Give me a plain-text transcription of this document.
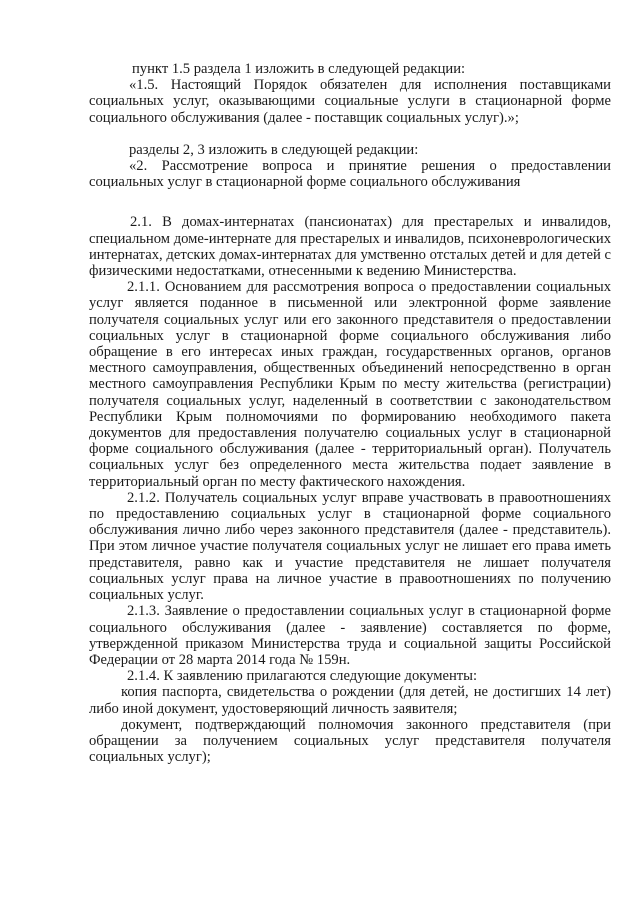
пункт 1.5 раздела 1 изложить в следующей редакции:

«1.5. Настоящий Порядок обязателен для исполнения поставщиками социальных услуг, оказывающими социальные услуги в стационарной форме социального обслуживания (далее - поставщик социальных услуг).»;

разделы 2, 3 изложить в следующей редакции:

«2. Рассмотрение вопроса и принятие решения о предоставлении социальных услуг в стационарной форме социального обслуживания

2.1. В домах-интернатах (пансионатах) для престарелых и инвалидов, специальном доме-интернате для престарелых и инвалидов, психоневрологических интернатах, детских домах-интернатах для умственно отсталых детей и для детей с физическими недостатками, отнесенными к ведению Министерства.

2.1.1. Основанием для рассмотрения вопроса о предоставлении социальных услуг является поданное в письменной или электронной форме заявление получателя социальных услуг или его законного представителя о предоставлении социальных услуг в стационарной форме социального обслуживания либо обращение в его интересах иных граждан, государственных органов, органов местного самоуправления, общественных объединений непосредственно в орган местного самоуправления Республики Крым по месту жительства (регистрации) получателя социальных услуг, наделенный в соответствии с законодательством Республики Крым полномочиями по формированию необходимого пакета документов для предоставления получателю социальных услуг в стационарной форме социального обслуживания (далее - территориальный орган). Получатель социальных услуг без определенного места жительства подает заявление в территориальный орган по месту фактического нахождения.

2.1.2. Получатель социальных услуг вправе участвовать в правоотношениях по предоставлению социальных услуг в стационарной форме социального обслуживания лично либо через законного представителя (далее - представитель). При этом личное участие получателя социальных услуг не лишает его права иметь представителя, равно как и участие представителя не лишает получателя социальных услуг права на личное участие в правоотношениях по получению социальных услуг.

2.1.3. Заявление о предоставлении социальных услуг в стационарной форме социального обслуживания (далее - заявление) составляется по форме, утвержденной приказом Министерства труда и социальной защиты Российской Федерации от 28 марта 2014 года № 159н.

2.1.4. К заявлению прилагаются следующие документы:

копия паспорта, свидетельства о рождении (для детей, не достигших 14 лет) либо иной документ, удостоверяющий личность заявителя;

документ, подтверждающий полномочия законного представителя (при обращении за получением социальных услуг представителя получателя социальных услуг);
